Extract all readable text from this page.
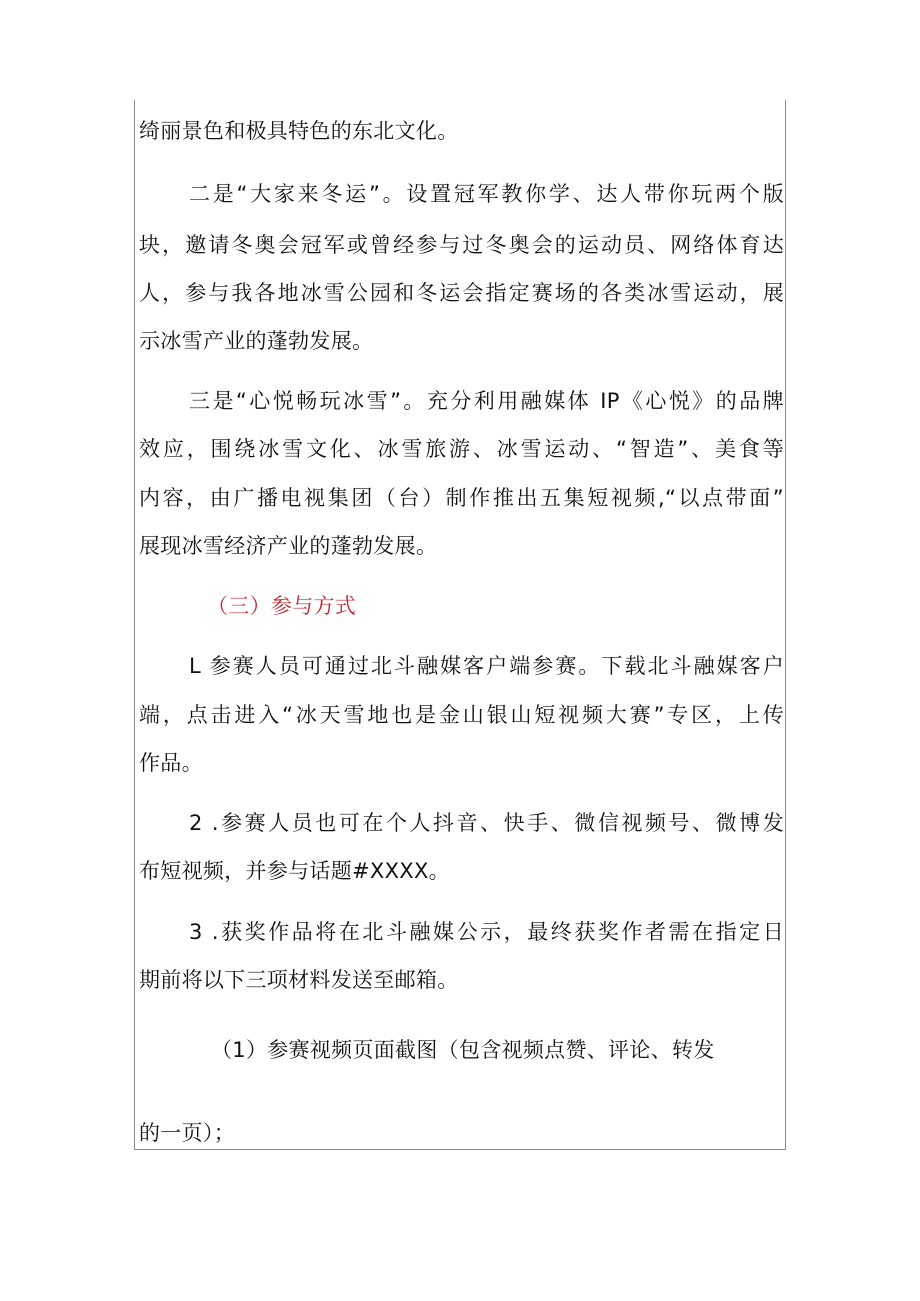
绮丽景色和极具特色的东北文化。
二是“大家来冬运”。设置冠军教你学、达人带你玩两个版
块，邀请冬奥会冠军或曾经参与过冬奥会的运动员、网络体育达
人，参与我各地冰雪公园和冬运会指定赛场的各类冰雪运动，展
示冰雪产业的蓬勃发展。
三是“心悦畅玩冰雪”。充分利用融媒体 IP《心悦》的品牌
效应，围绕冰雪文化、冰雪旅游、冰雪运动、“智造”、美食等
内容，由广播电视集团（台）制作推出五集短视频,“以点带面”
展现冰雪经济产业的蓬勃发展。
（三）参与方式
L 参赛人员可通过北斗融媒客户端参赛。下载北斗融媒客户
端，点击进入“冰天雪地也是金山银山短视频大赛”专区，上传
作品。
2 .参赛人员也可在个人抖音、快手、微信视频号、微博发
布短视频，并参与话题#XXXX。
3 .获奖作品将在北斗融媒公示，最终获奖作者需在指定日
期前将以下三项材料发送至邮箱。
（1）参赛视频页面截图（包含视频点赞、评论、转发
的一页）；
